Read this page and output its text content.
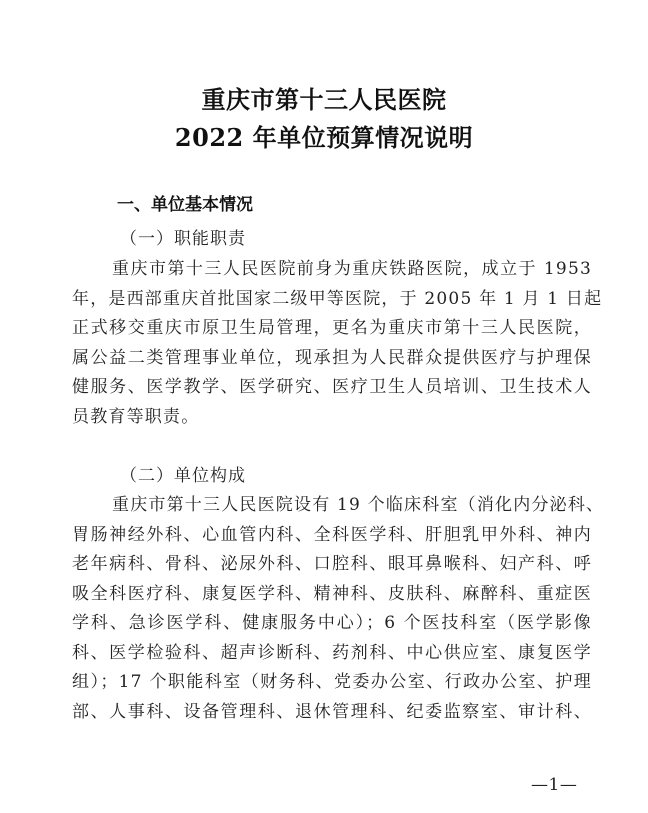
重庆市第十三人民医院
2022 年单位预算情况说明
一、单位基本情况
（一）职能职责
重庆市第十三人民医院前身为重庆铁路医院，成立于 1953
年，是西部重庆首批国家二级甲等医院，于 2005 年 1 月 1 日起
正式移交重庆市原卫生局管理，更名为重庆市第十三人民医院，
属公益二类管理事业单位，现承担为人民群众提供医疗与护理保
健服务、医学教学、医学研究、医疗卫生人员培训、卫生技术人
员教育等职责。
（二）单位构成
重庆市第十三人民医院设有 19 个临床科室（消化内分泌科、
胃肠神经外科、心血管内科、全科医学科、肝胆乳甲外科、神内
老年病科、骨科、泌尿外科、口腔科、眼耳鼻喉科、妇产科、呼
吸全科医疗科、康复医学科、精神科、皮肤科、麻醉科、重症医
学科、急诊医学科、健康服务中心）；6 个医技科室（医学影像
科、医学检验科、超声诊断科、药剂科、中心供应室、康复医学
组）；17 个职能科室（财务科、党委办公室、行政办公室、护理
部、人事科、设备管理科、退休管理科、纪委监察室、审计科、
—1—
